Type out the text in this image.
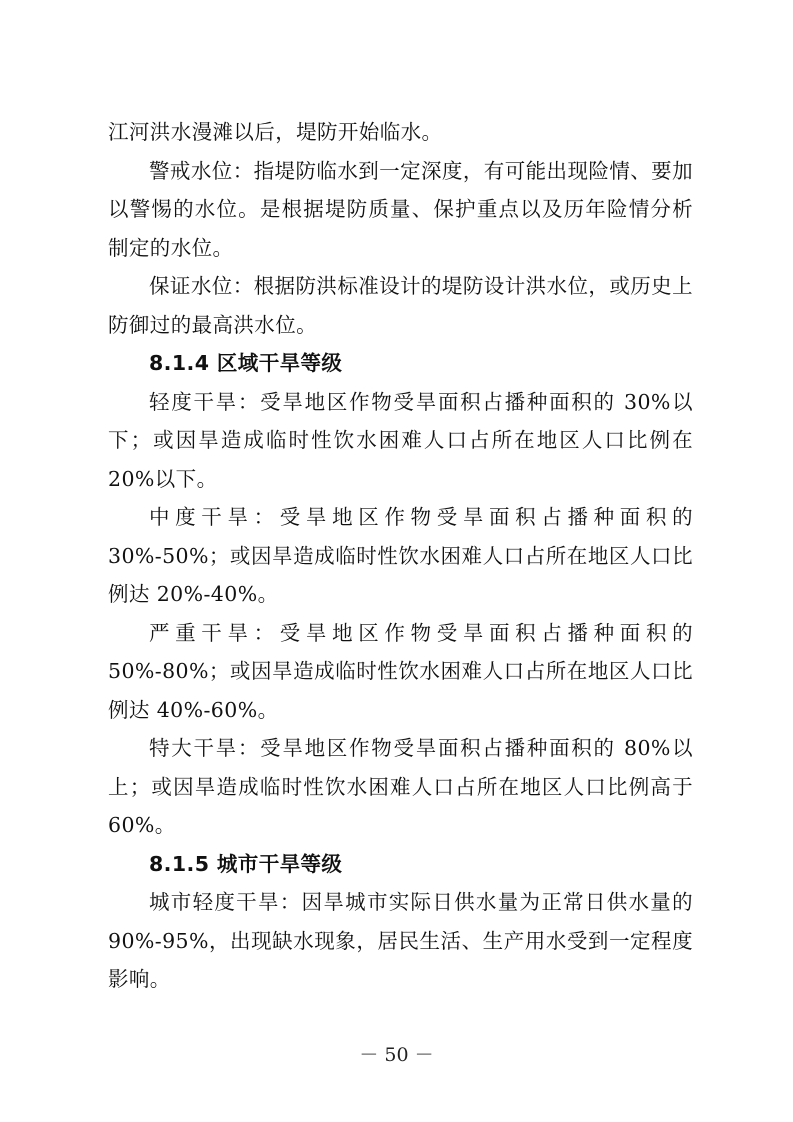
江河洪水漫滩以后，堤防开始临水。

警戒水位：指堤防临水到一定深度，有可能出现险情、要加以警惕的水位。是根据堤防质量、保护重点以及历年险情分析制定的水位。

保证水位：根据防洪标准设计的堤防设计洪水位，或历史上防御过的最高洪水位。

8.1.4 区域干旱等级

轻度干旱：受旱地区作物受旱面积占播种面积的 30%以下；或因旱造成临时性饮水困难人口占所在地区人口比例在 20%以下。

中度干旱：受旱地区作物受旱面积占播种面积的 30%-50%；或因旱造成临时性饮水困难人口占所在地区人口比例达 20%-40%。

严重干旱：受旱地区作物受旱面积占播种面积的 50%-80%；或因旱造成临时性饮水困难人口占所在地区人口比例达 40%-60%。

特大干旱：受旱地区作物受旱面积占播种面积的 80%以上；或因旱造成临时性饮水困难人口占所在地区人口比例高于 60%。

8.1.5 城市干旱等级

城市轻度干旱：因旱城市实际日供水量为正常日供水量的 90%-95%，出现缺水现象，居民生活、生产用水受到一定程度影响。

－ 50 －
